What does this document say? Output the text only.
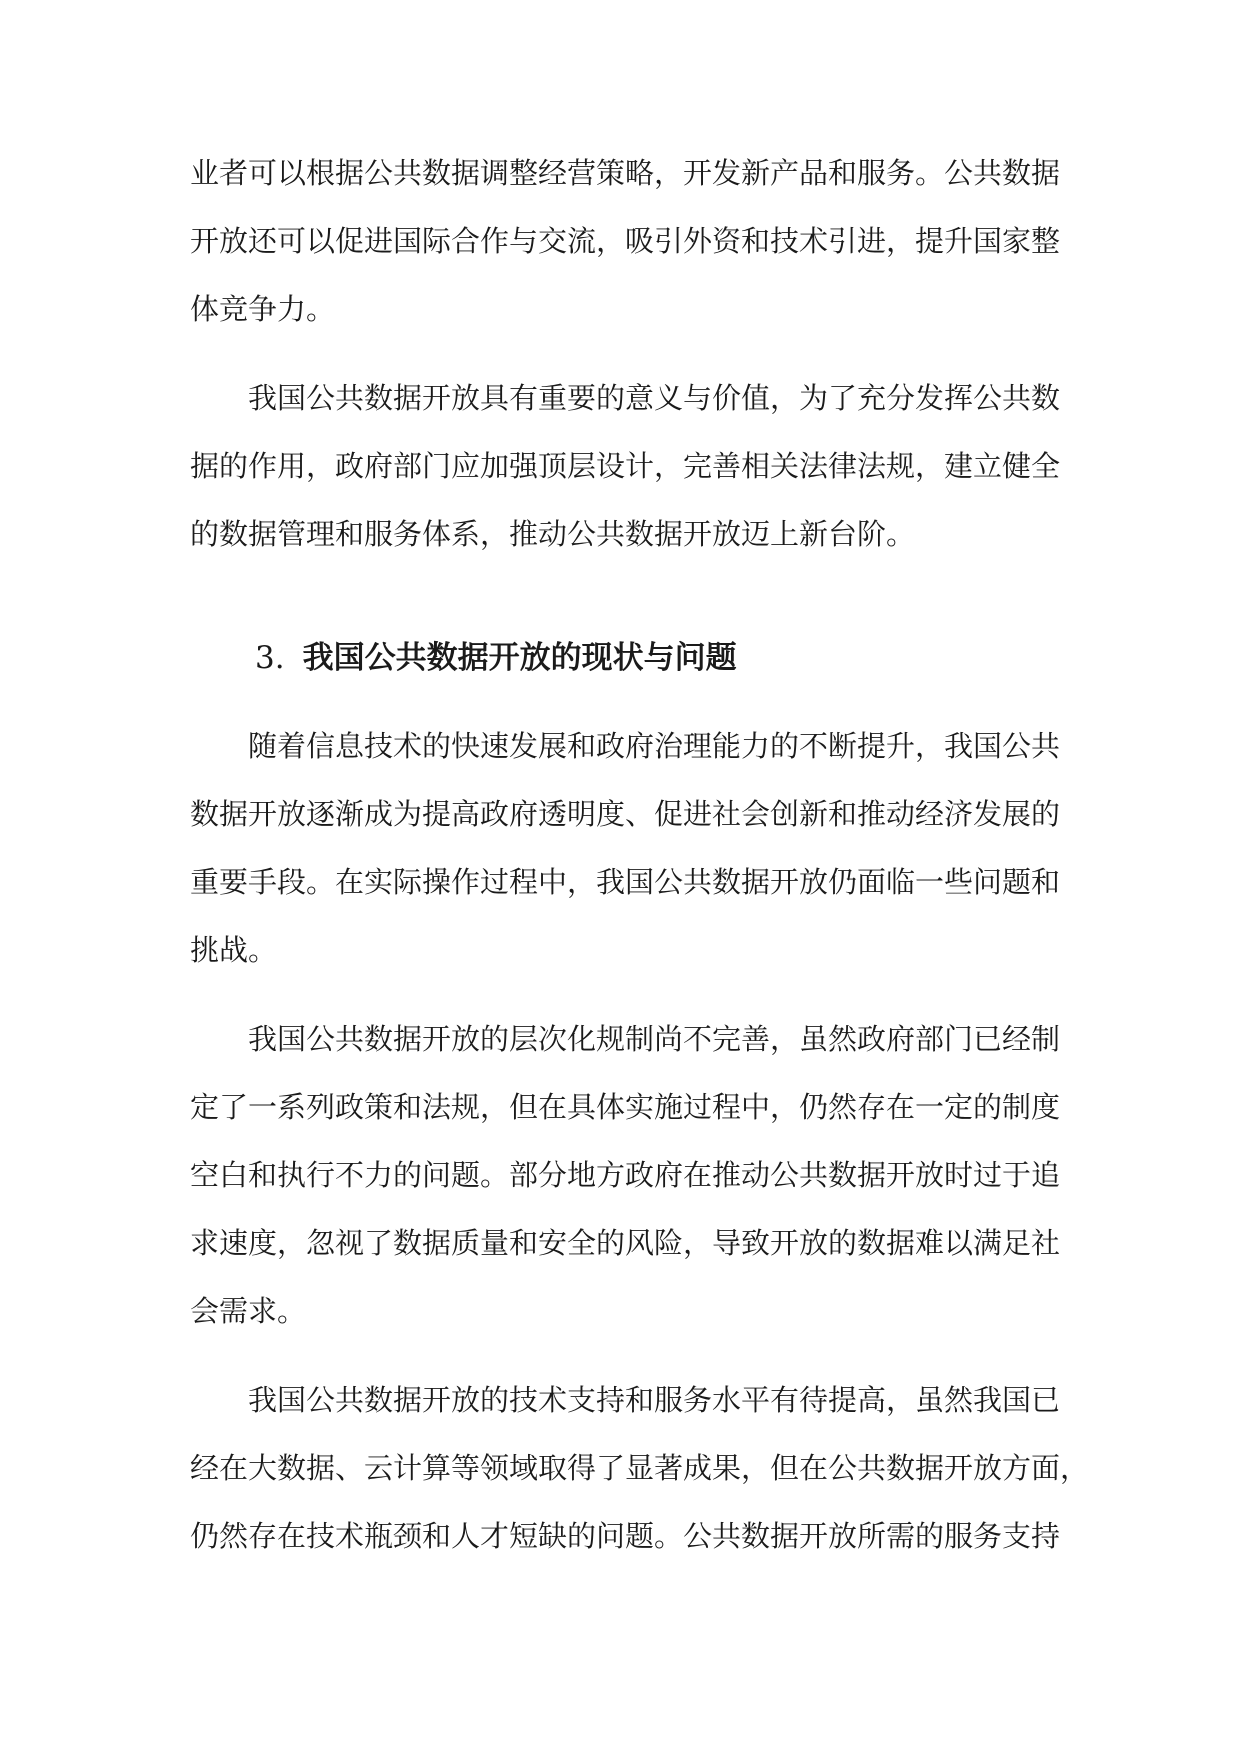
业者可以根据公共数据调整经营策略，开发新产品和服务。公共数据
开放还可以促进国际合作与交流，吸引外资和技术引进，提升国家整
体竞争力。
我国公共数据开放具有重要的意义与价值，为了充分发挥公共数
据的作用，政府部门应加强顶层设计，完善相关法律法规，建立健全
的数据管理和服务体系，推动公共数据开放迈上新台阶。
3. 我国公共数据开放的现状与问题
随着信息技术的快速发展和政府治理能力的不断提升，我国公共
数据开放逐渐成为提高政府透明度、促进社会创新和推动经济发展的
重要手段。在实际操作过程中，我国公共数据开放仍面临一些问题和
挑战。
我国公共数据开放的层次化规制尚不完善，虽然政府部门已经制
定了一系列政策和法规，但在具体实施过程中，仍然存在一定的制度
空白和执行不力的问题。部分地方政府在推动公共数据开放时过于追
求速度，忽视了数据质量和安全的风险，导致开放的数据难以满足社
会需求。
我国公共数据开放的技术支持和服务水平有待提高，虽然我国已
经在大数据、云计算等领域取得了显著成果，但在公共数据开放方面，
仍然存在技术瓶颈和人才短缺的问题。公共数据开放所需的服务支持
